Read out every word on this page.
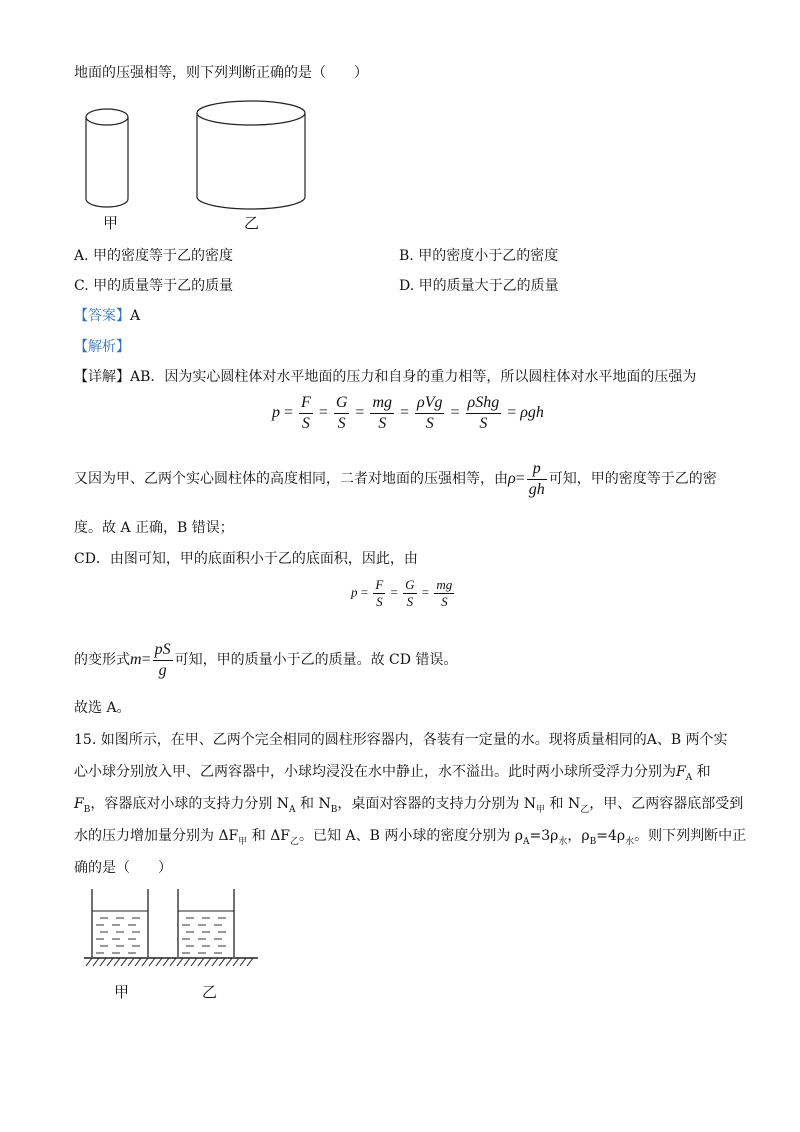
地面的压强相等，则下列判断正确的是（　　）
甲	乙
A. 甲的密度等于乙的密度	B. 甲的密度小于乙的密度
C. 甲的质量等于乙的质量	D. 甲的质量大于乙的质量
【答案】A
【解析】
【详解】AB．因为实心圆柱体对水平地面的压力和自身的重力相等，所以圆柱体对水平地面的压强为
$p = \frac{F}{S} = \frac{G}{S} = \frac{mg}{S} = \frac{\text{ρVg}}{S} = \frac{\text{ρShg}}{S} = \rho gh$
又因为甲、乙两个实心圆柱体的高度相同，二者对地面的压强相等，由$\rho= \frac{p}{gh}$ 可知，甲的密度等于乙的密
度。故 A 正确，B 错误；
CD．由图可知，甲的底面积小于乙的底面积，因此，由
$p = \frac{F}{S} = \frac{G}{S} = \frac{mg}{S}$
的变形式$m= \frac{pS}{g}$ 可知，甲的质量小于乙的质量。故 CD 错误。
故选 A。
15. 如图所示，在甲、乙两个完全相同的圆柱形容器内，各装有一定量的水。现将质量相同的A、B 两个实
心小球分别放入甲、乙两容器中，小球均浸没在水中静止，水不溢出。此时两小球所受浮力分别为$F_A$ 和
$F_B$，容器底对小球的支持力分别 $N_A$ 和 $N_B$，桌面对容器的支持力分别为 $N_甲$ 和 $N_乙$，甲、乙两容器底部受到
水的压力增加量分别为 $\Delta F_甲$ 和 $\Delta F_乙$。已知 A、B 两小球的密度分别为 $\rho_A=3\rho_水$，$\rho_B=4\rho_水$。则下列判断中正
确的是（　　）
甲	乙
